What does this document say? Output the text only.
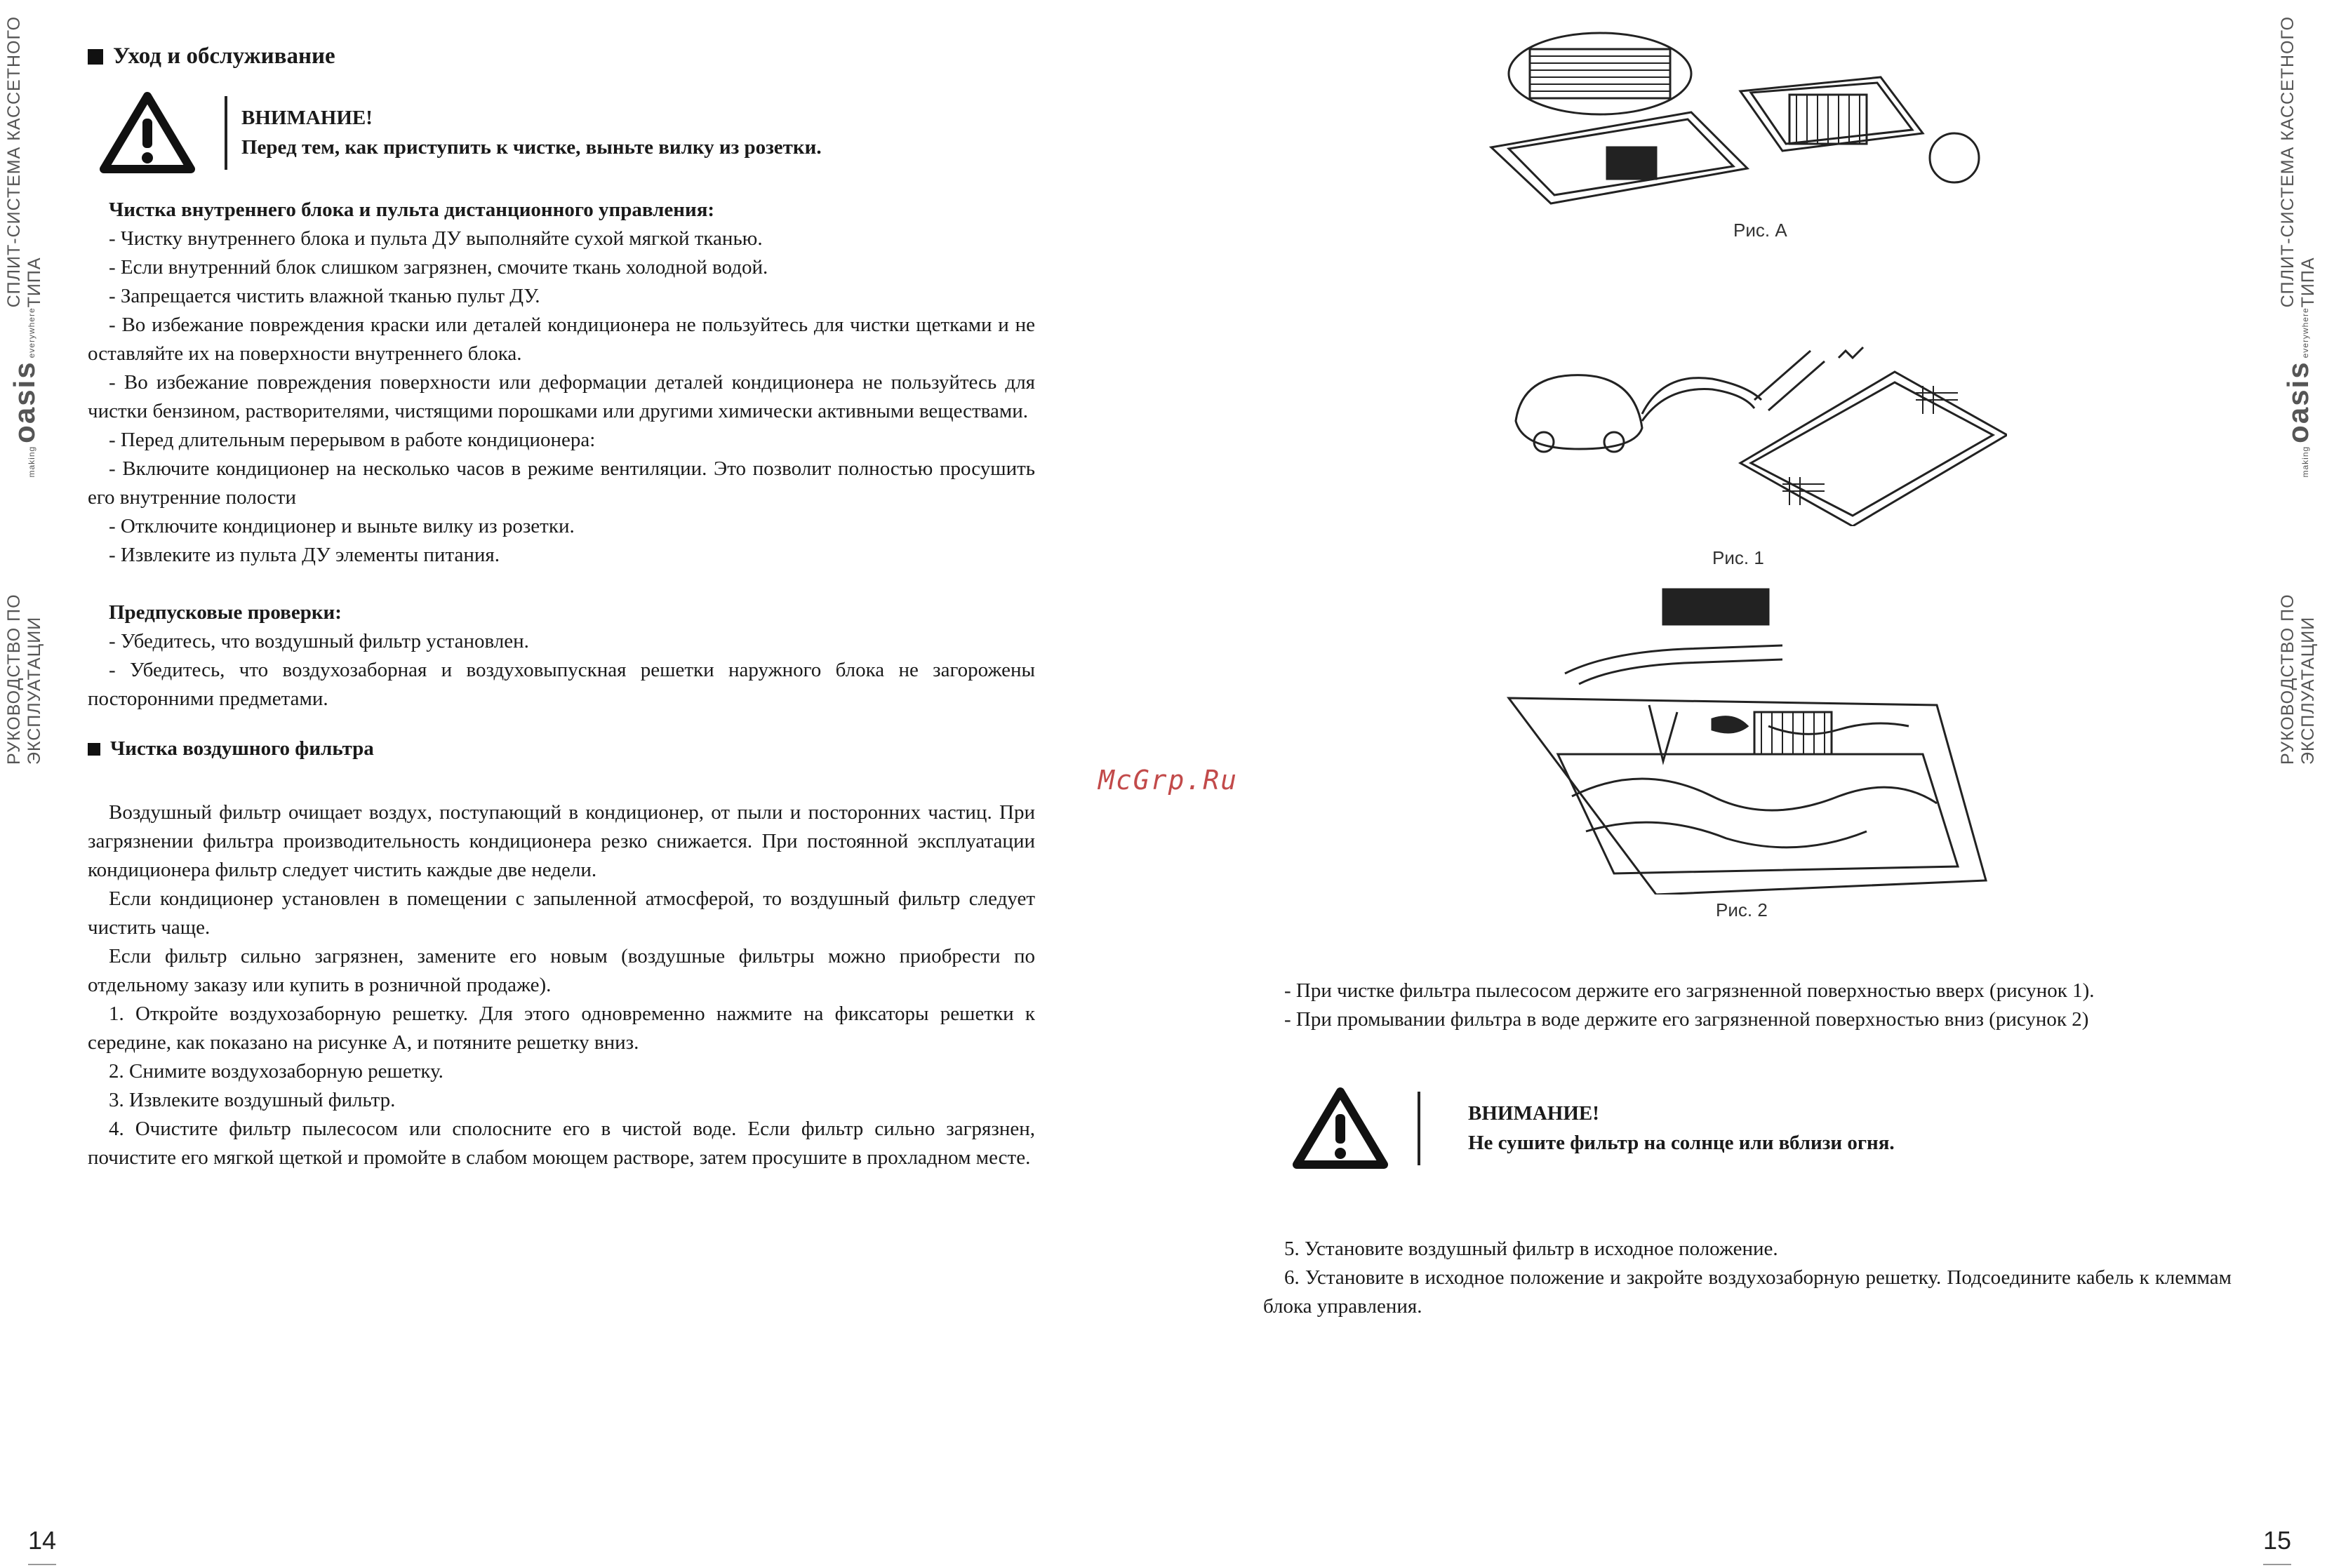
РУКОВОДСТВО ПО ЭКСПЛУАТАЦИИ
making
oasis
everywhere
СПЛИТ-СИСТЕМА КАССЕТНОГО ТИПА
РУКОВОДСТВО ПО ЭКСПЛУАТАЦИИ
making
oasis
everywhere
СПЛИТ-СИСТЕМА КАССЕТНОГО ТИПА
14	15
Уход и обслуживание
ВНИМАНИЕ!
Перед тем, как приступить к чистке, выньте вилку из розетки.

Чистка внутреннего блока и пульта дистанционного управления:

- Чистку внутреннего блока и пульта ДУ выполняйте сухой мягкой тканью.

- Если внутренний блок слишком загрязнен, смочите ткань холодной водой.

- Запрещается чистить влажной тканью пульт ДУ.

- Во избежание повреждения краски или деталей кондиционера не пользуйтесь для чистки щетками и не оставляйте их на поверхности внутреннего блока.

- Во избежание повреждения поверхности или деформации деталей кондиционера не пользуйтесь для чистки бензином, растворителями, чистящими порошками или другими химически активными веществами.

- Перед длительным перерывом в работе кондиционера:

- Включите кондиционер на несколько часов в режиме вентиляции. Это позволит полностью просушить его внутренние полости

- Отключите кондиционер и выньте вилку из розетки.

- Извлеките из пульта ДУ элементы питания.

Предпусковые проверки:

- Убедитесь, что воздушный фильтр установлен.

- Убедитесь, что воздухозаборная и воздуховыпускная решетки наружного блока не загорожены посторонними предметами.

Чистка воздушного фильтра

Воздушный фильтр очищает воздух, поступающий в кондиционер, от пыли и посторонних частиц. При загрязнении фильтра производительность кондиционера резко снижается. При постоянной эксплуатации кондиционера фильтр следует чистить каждые две недели.

Если кондиционер установлен в помещении с запыленной атмосферой, то воздушный фильтр следует чистить чаще.

Если фильтр сильно загрязнен, замените его новым (воздушные фильтры можно приобрести по отдельному заказу или купить в розничной продаже).

1. Откройте воздухозаборную решетку. Для этого одновременно нажмите на фиксаторы решетки к середине, как показано на рисунке А, и потяните решетку вниз.

2. Снимите воздухозаборную решетку.

3. Извлеките воздушный фильтр.

4. Очистите фильтр пылесосом или сполосните его в чистой воде. Если фильтр сильно загрязнен, почистите его мягкой щеткой и промойте в слабом моющем растворе, затем просушите в прохладном месте.

McGrp.Ru
Рис. А
Рис. 1
Рис. 2

- При чистке фильтра пылесосом держите его загрязненной поверхностью вверх (рисунок 1).

- При промывании фильтра в воде держите его загрязненной поверхностью вниз (рисунок 2)

ВНИМАНИЕ!
Не сушите фильтр на солнце или вблизи огня.

5. Установите воздушный фильтр в исходное положение.

6. Установите в исходное положение и закройте воздухозаборную решетку. Подсоедините кабель к клеммам блока управления.
